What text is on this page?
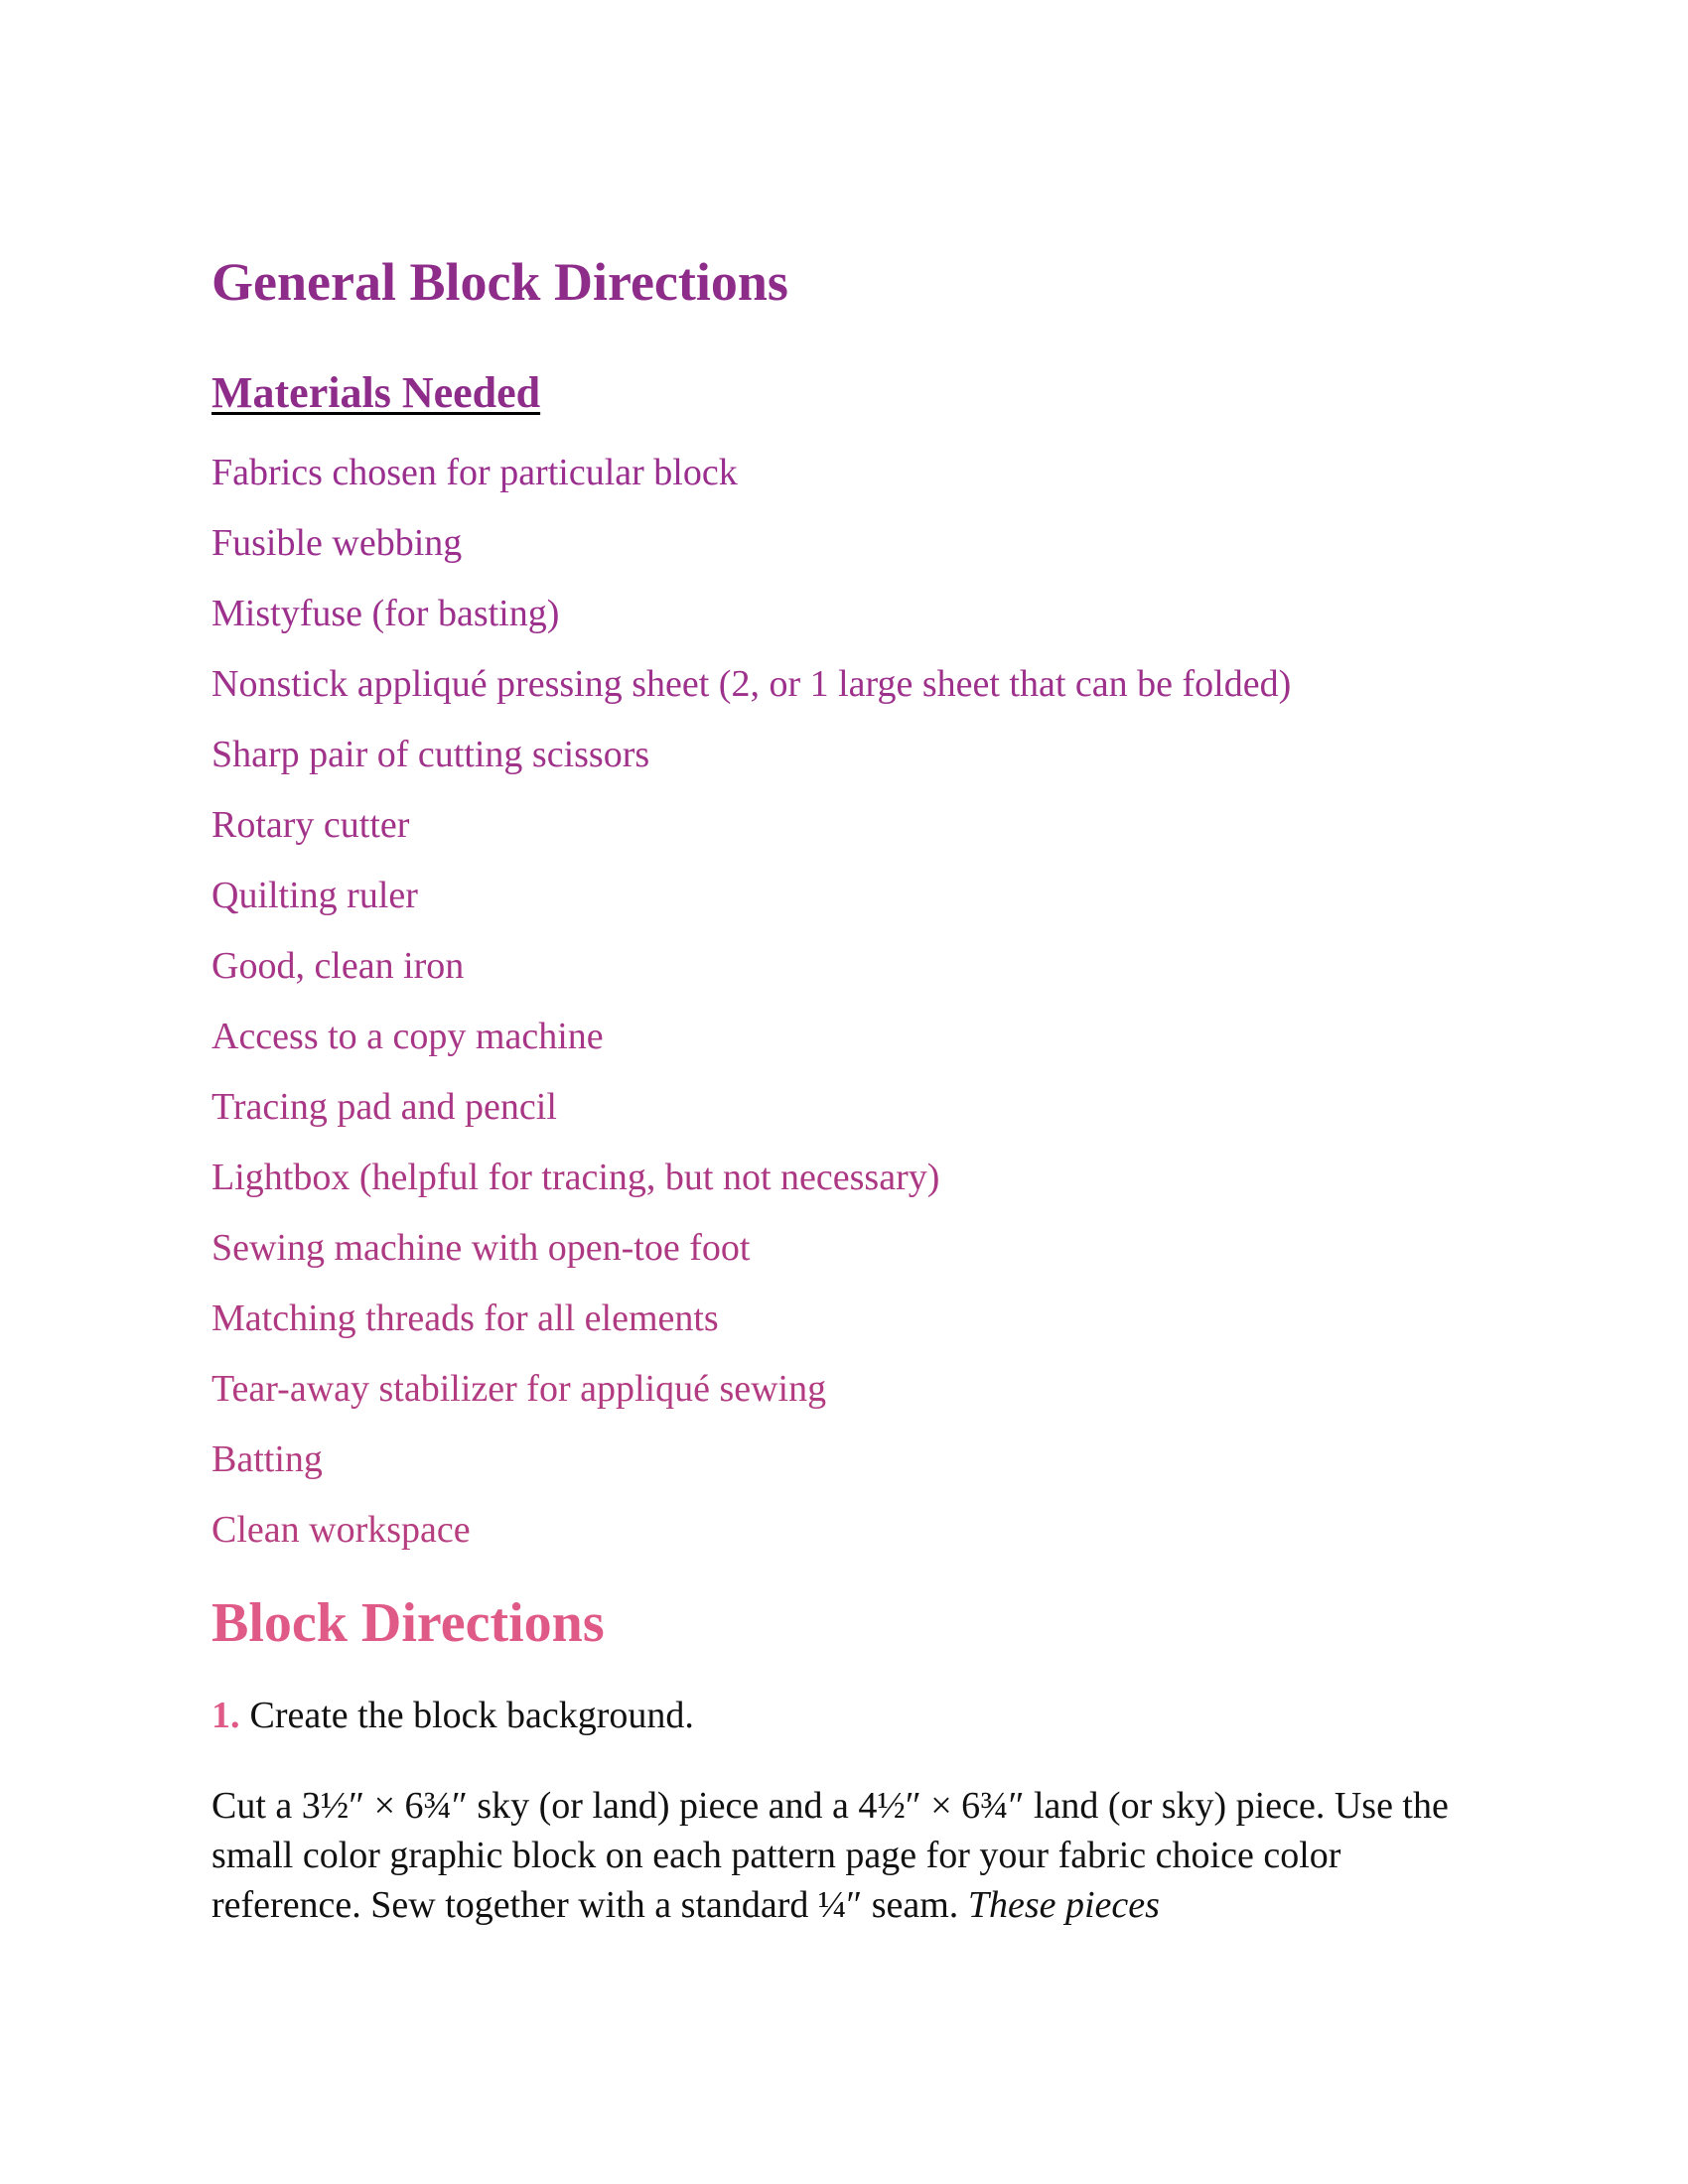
General Block Directions
Materials Needed
Fabrics chosen for particular block
Fusible webbing
Mistyfuse (for basting)
Nonstick appliqué pressing sheet (2, or 1 large sheet that can be folded)
Sharp pair of cutting scissors
Rotary cutter
Quilting ruler
Good, clean iron
Access to a copy machine
Tracing pad and pencil
Lightbox (helpful for tracing, but not necessary)
Sewing machine with open-toe foot
Matching threads for all elements
Tear-away stabilizer for appliqué sewing
Batting
Clean workspace
Block Directions

1. Create the block background.

Cut a 3½″ × 6¾″ sky (or land) piece and a 4½″ × 6¾″ land (or sky) piece. Use the small color graphic block on each pattern page for your fabric choice color reference. Sew together with a standard ¼″ seam. These pieces
